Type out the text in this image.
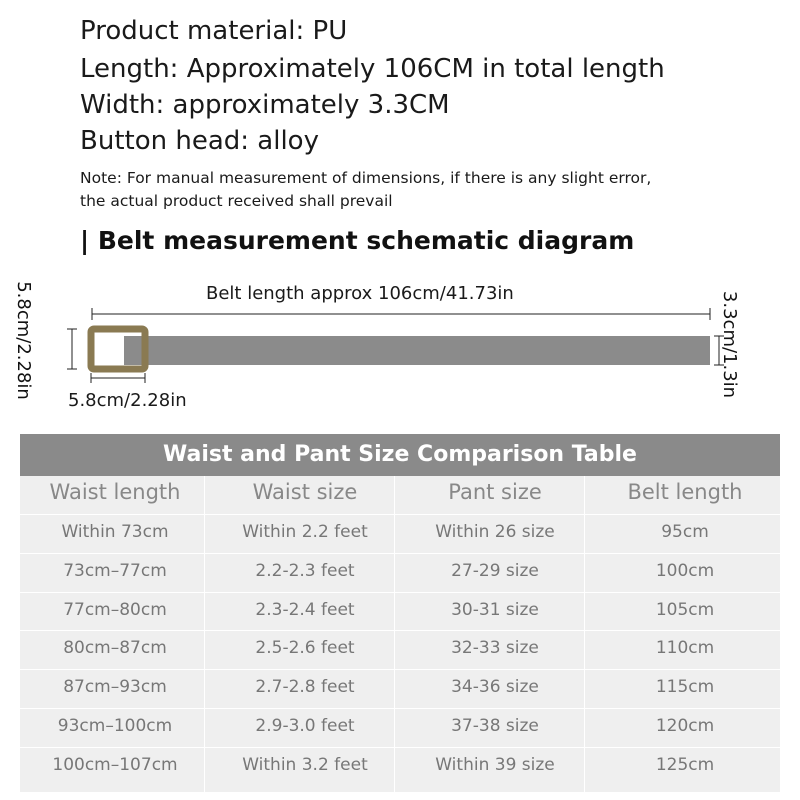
Product material: PU
Length: Approximately 106CM in total length
Width: approximately 3.3CM
Button head: alloy
Note: For manual measurement of dimensions, if there is any slight error,
the actual product received shall prevail
| Belt measurement schematic diagram
Belt length approx 106cm/41.73in
5.8cm/2.28in
5.8cm/2.28in
3.3cm/1.3in
Waist and Pant Size Comparison Table
Waist length	Waist size	Pant size	Belt length
Within 73cm	Within 2.2 feet	Within 26 size	95cm
73cm–77cm	2.2-2.3 feet	27-29 size	100cm
77cm–80cm	2.3-2.4 feet	30-31 size	105cm
80cm–87cm	2.5-2.6 feet	32-33 size	110cm
87cm–93cm	2.7-2.8 feet	34-36 size	115cm
93cm–100cm	2.9-3.0 feet	37-38 size	120cm
100cm–107cm	Within 3.2 feet	Within 39 size	125cm
